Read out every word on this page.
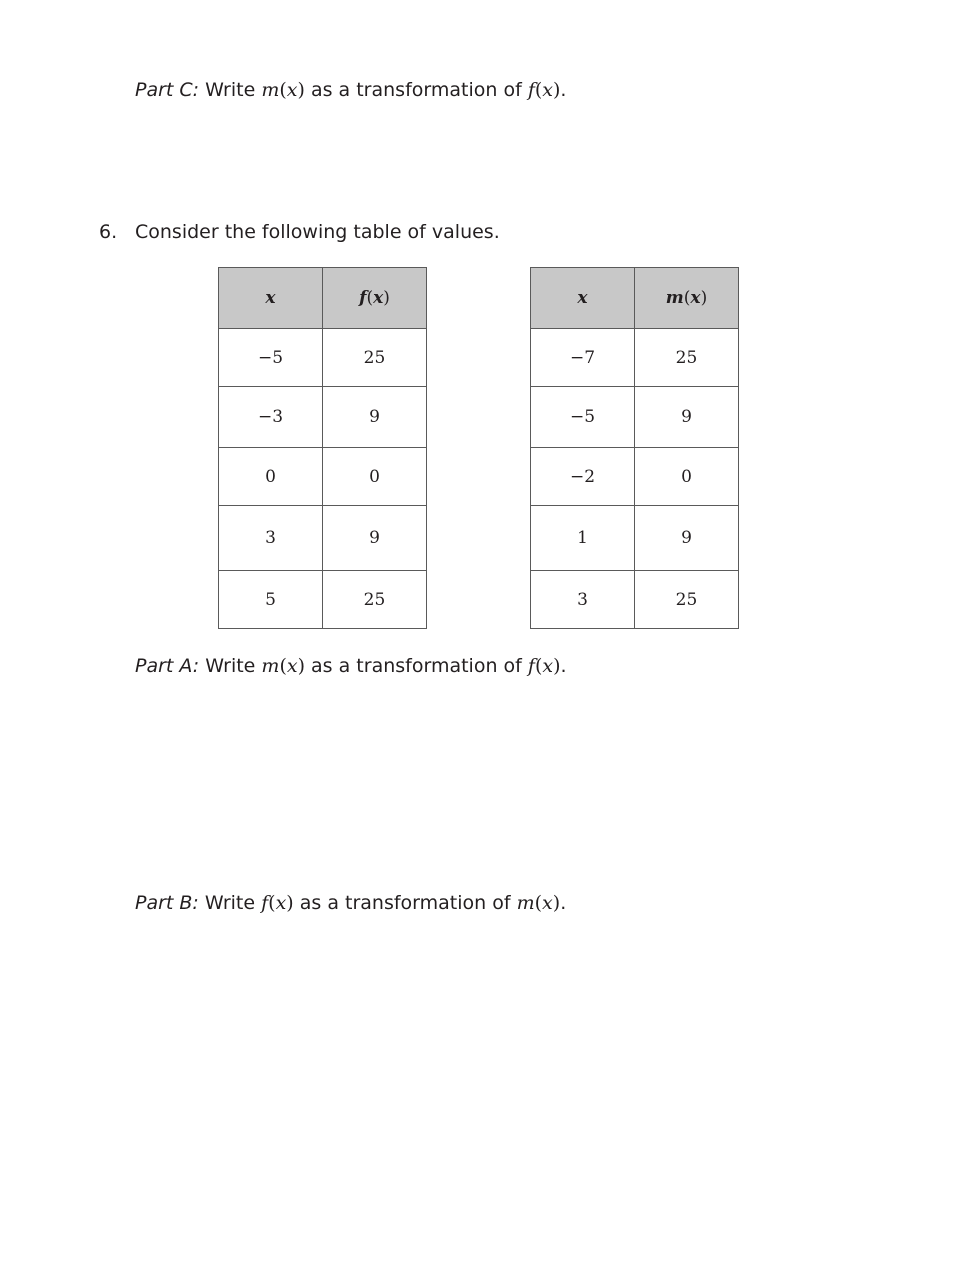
Part C: Write m(x) as a transformation of f(x).
6. Consider the following table of values.
x	f(x)
−5	25
−3	9
0	0
3	9
5	25
x	m(x)
−7	25
−5	9
−2	0
1	9
3	25
Part A: Write m(x) as a transformation of f(x).
Part B: Write f(x) as a transformation of m(x).
